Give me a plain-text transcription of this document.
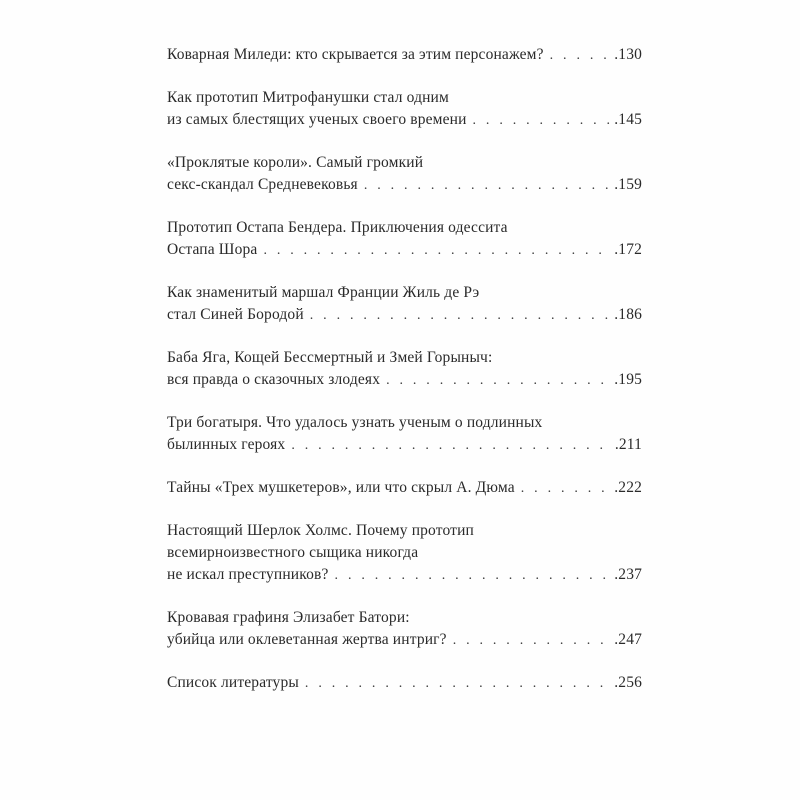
Коварная Миледи: кто скрывается за этим персонажем? . . .	.130
Как прототип Митрофанушки стал одним
из самых блестящих ученых своего времени . . .	.145
«Проклятые короли». Самый громкий
секс-скандал Средневековья . . .	.159
Прототип Остапа Бендера. Приключения одессита
Остапа Шора . . .	.172
Как знаменитый маршал Франции Жиль де Рэ
стал Синей Бородой . . .	.186
Баба Яга, Кощей Бессмертный и Змей Горыныч:
вся правда о сказочных злодеях . . .	.195
Три богатыря. Что удалось узнать ученым о подлинных
былинных героях . . .	.211
Тайны «Трех мушкетеров», или что скрыл А. Дюма . . .	.222
Настоящий Шерлок Холмс. Почему прототип
всемирноизвестного сыщика никогда
не искал преступников? . . .	.237
Кровавая графиня Элизабет Батори:
убийца или оклеветанная жертва интриг? . . .	.247
Список литературы . . .	.256
